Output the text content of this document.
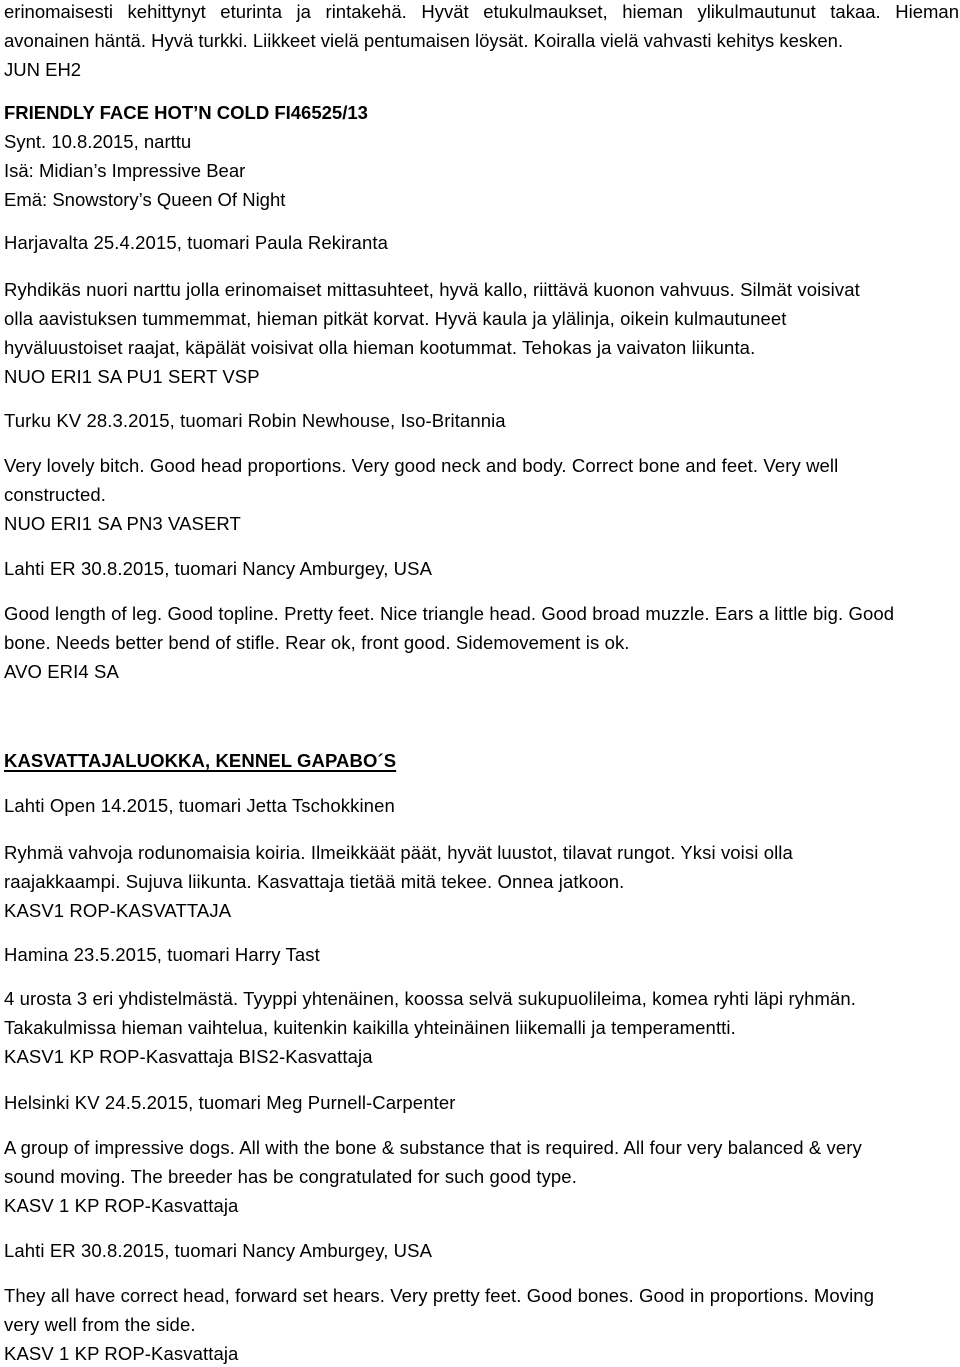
erinomaisesti kehittynyt eturinta ja rintakehä. Hyvät etukulmaukset, hieman ylikulmautunut takaa. Hieman
avonainen häntä. Hyvä turkki. Liikkeet vielä pentumaisen löysät. Koiralla vielä vahvasti kehitys kesken.
JUN EH2
FRIENDLY FACE HOT’N COLD FI46525/13
Synt. 10.8.2015, narttu
Isä: Midian’s Impressive Bear
Emä: Snowstory’s Queen Of Night
Harjavalta 25.4.2015, tuomari Paula Rekiranta
Ryhdikäs nuori narttu jolla erinomaiset mittasuhteet, hyvä kallo, riittävä kuonon vahvuus. Silmät voisivat
olla aavistuksen tummemmat, hieman pitkät korvat. Hyvä kaula ja ylälinja, oikein kulmautuneet
hyväluustoiset raajat, käpälät voisivat olla hieman kootummat. Tehokas ja vaivaton liikunta.
NUO ERI1 SA PU1 SERT VSP
Turku KV 28.3.2015, tuomari Robin Newhouse, Iso-Britannia
Very lovely bitch. Good head proportions. Very good neck and body. Correct bone and feet. Very well
constructed.
NUO ERI1 SA PN3 VASERT
Lahti ER 30.8.2015, tuomari Nancy Amburgey, USA
Good length of leg. Good topline. Pretty feet. Nice triangle head. Good broad muzzle. Ears a little big. Good
bone. Needs better bend of stifle. Rear ok, front good. Sidemovement is ok.
AVO ERI4 SA
KASVATTAJALUOKKA, KENNEL GAPABO´S
Lahti Open 14.2015, tuomari Jetta Tschokkinen
Ryhmä vahvoja rodunomaisia koiria. Ilmeikkäät päät, hyvät luustot, tilavat rungot. Yksi voisi olla
raajakkaampi. Sujuva liikunta. Kasvattaja tietää mitä tekee. Onnea jatkoon.
KASV1 ROP-KASVATTAJA
Hamina 23.5.2015, tuomari Harry Tast
4 urosta 3 eri yhdistelmästä. Tyyppi yhtenäinen, koossa selvä sukupuolileima, komea ryhti läpi ryhmän.
Takakulmissa hieman vaihtelua, kuitenkin kaikilla yhteinäinen liikemalli ja temperamentti.
KASV1 KP ROP-Kasvattaja BIS2-Kasvattaja
Helsinki KV 24.5.2015, tuomari Meg Purnell-Carpenter
A group of impressive dogs. All with the bone & substance that is required. All four very balanced & very
sound moving. The breeder has be congratulated for such good type.
KASV 1 KP ROP-Kasvattaja
Lahti ER 30.8.2015, tuomari Nancy Amburgey, USA
They all have correct head, forward set hears. Very pretty feet. Good bones. Good in proportions. Moving
very well from the side.
KASV 1 KP ROP-Kasvattaja
